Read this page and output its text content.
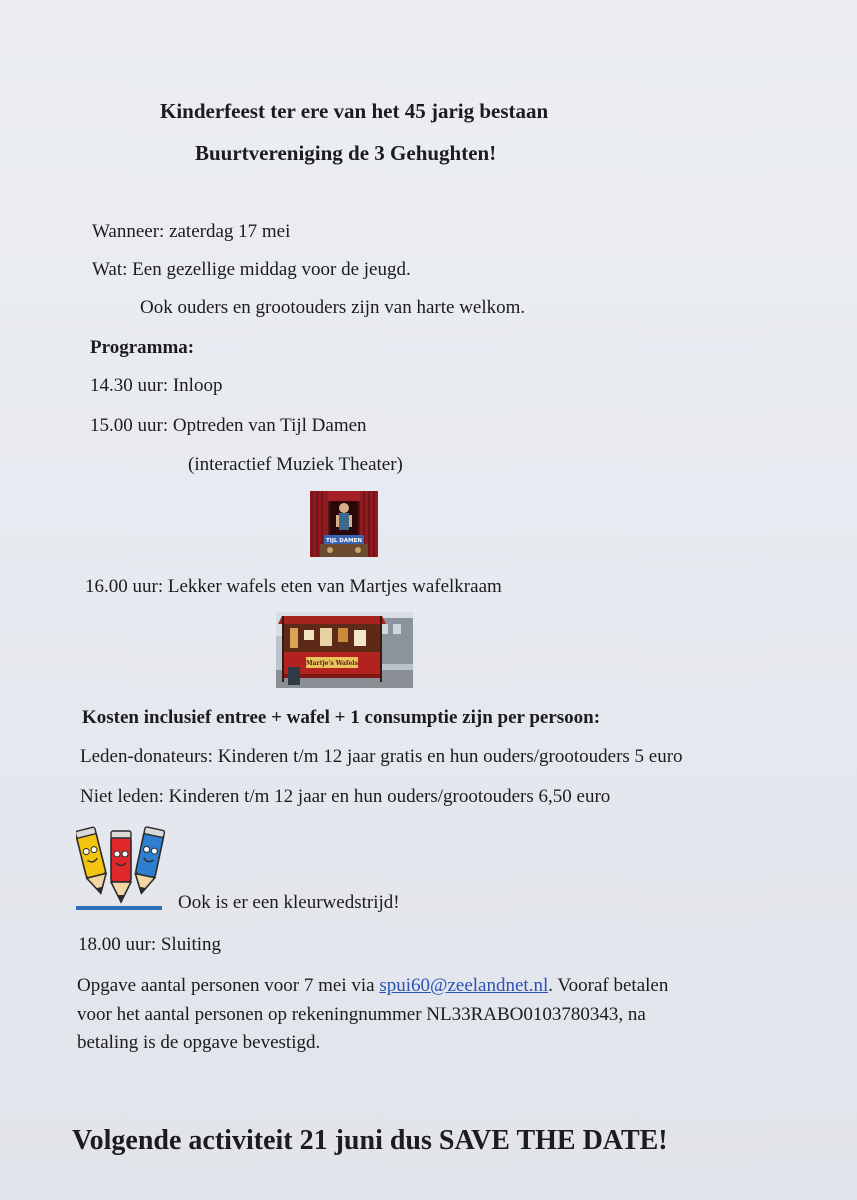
Kinderfeest ter ere van het 45 jarig bestaan
Buurtvereniging de 3 Gehughten!
Wanneer: zaterdag 17 mei
Wat: Een gezellige middag voor de jeugd.
Ook ouders en grootouders zijn van harte welkom.
Programma:
14.30 uur: Inloop
15.00 uur: Optreden van Tijl Damen
(interactief Muziek Theater)
TIJL DAMEN
16.00 uur: Lekker wafels eten van Martjes wafelkraam
Martje's Wafels
Kosten inclusief entree + wafel + 1 consumptie zijn per persoon:
Leden-donateurs: Kinderen t/m 12 jaar gratis en hun ouders/grootouders 5 euro
Niet leden: Kinderen t/m 12 jaar en hun ouders/grootouders 6,50 euro
Ook is er een kleurwedstrijd!
18.00 uur: Sluiting
Opgave aantal personen voor 7 mei via spui60@zeelandnet.nl. Vooraf betalen
voor het aantal personen op rekeningnummer NL33RABO0103780343, na
betaling is de opgave bevestigd.
Volgende activiteit 21 juni dus SAVE THE DATE!
